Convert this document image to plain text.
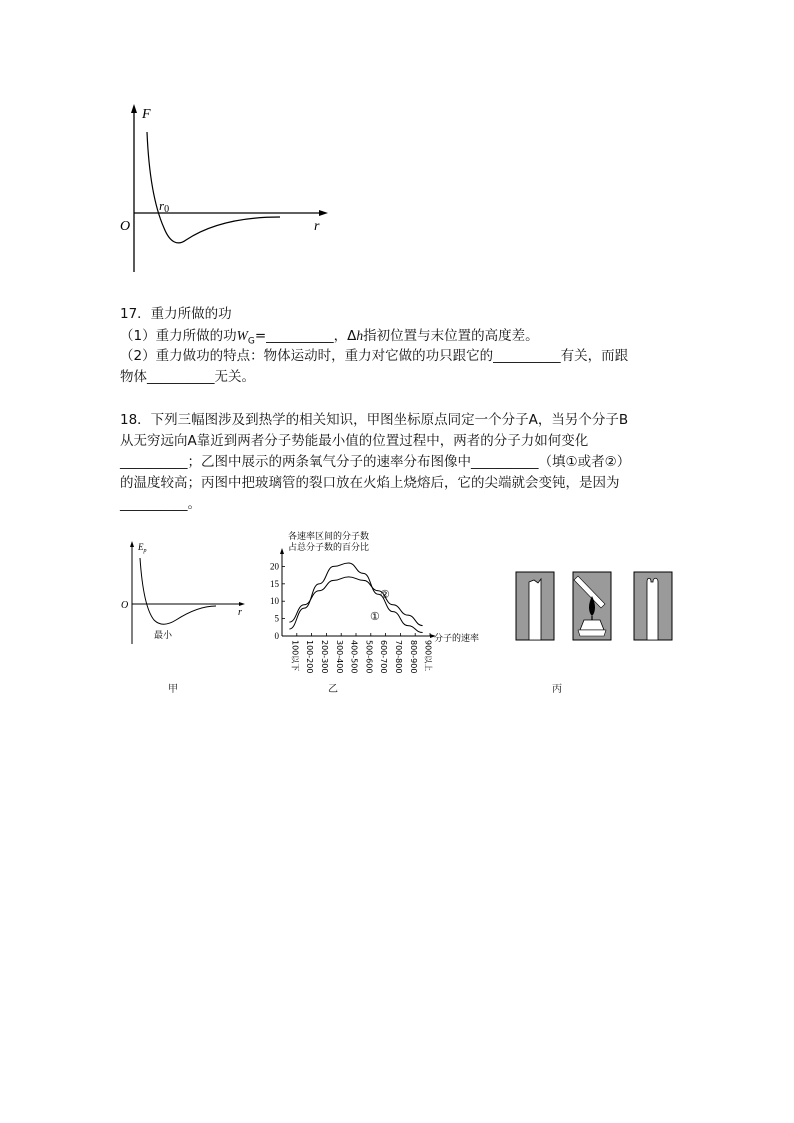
F
r
O
r0
17．重力所做的功
（1）重力所做的功$W_G=\_\_\_\_\_\_\_\_\_\_$，Δh指初位置与末位置的高度差。
（2）重力做功的特点：物体运动时，重力对它做的功只跟它的__________有关，而跟
物体__________无关。
18．下列三幅图涉及到热学的相关知识，甲图坐标原点同定一个分子A，当另个分子B
从无穷远向A靠近到两者分子势能最小值的位置过程中，两者的分子力如何变化
__________；乙图中展示的两条氧气分子的速率分布图像中__________（填①或者②）
的温度较高；丙图中把玻璃管的裂口放在火焰上烧熔后，它的尖端就会变钝，是因为
__________。
$E_p$
r
O
最小
甲
各速率区间的分子数
占总分子数的百分比
0
5
10
15
20
100以下 100-200 200-300 300-400 400-500 500-600 600-700 700-800 800-900 900以上
①
②
分子的速率
乙	丙
